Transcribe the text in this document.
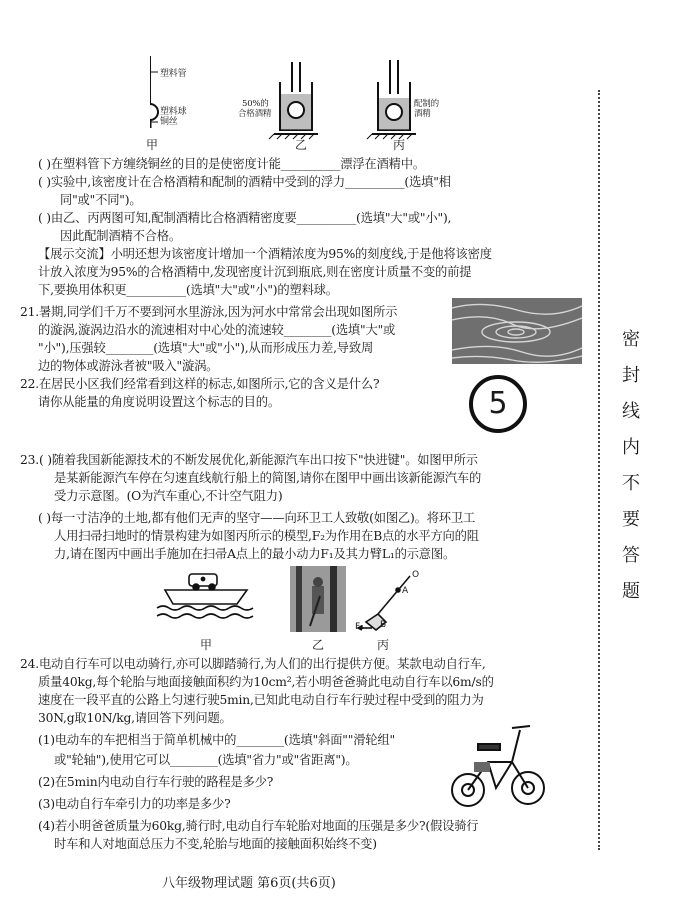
塑料管
塑料球
铜丝
50%的
合格酒精
配制的
酒精
甲	乙	丙
( )在塑料管下方缠绕铜丝的目的是使密度计能__________漂浮在酒精中。
( )实验中,该密度计在合格酒精和配制的酒精中受到的浮力__________(选填"相
同"或"不同")。
( )由乙、丙两图可知,配制酒精比合格酒精密度要__________(选填"大"或"小"),
因此配制酒精不合格。
【展示交流】小明还想为该密度计增加一个酒精浓度为95%的刻度线,于是他将该密度
计放入浓度为95%的合格酒精中,发现密度计沉到瓶底,则在密度计质量不变的前提
下,要换用体积更__________(选填"大"或"小")的塑料球。
21.暑期,同学们千万不要到河水里游泳,因为河水中常常会出现如图所示
的漩涡,漩涡边沿水的流速相对中心处的流速较________(选填"大"或
"小"),压强较________(选填"大"或"小"),从而形成压力差,导致周
边的物体或游泳者被"吸入"漩涡。
22.在居民小区我们经常看到这样的标志,如图所示,它的含义是什么?
请你从能量的角度说明设置这个标志的目的。	5
23.( )随着我国新能源技术的不断发展优化,新能源汽车出口按下"快进键"。如图甲所示
是某新能源汽车停在匀速直线航行船上的简图,请你在图甲中画出该新能源汽车的
受力示意图。(O为汽车重心,不计空气阻力)
( )每一寸洁净的土地,都有他们无声的坚守——向环卫工人致敬(如图乙)。将环卫工
人用扫帚扫地时的情景构建为如图丙所示的模型,F₂为作用在B点的水平方向的阻
力,请在图丙中画出手施加在扫帚A点上的最小动力F₁及其力臂L₁的示意图。
O
A
F₂ B
甲	乙	丙
24.电动自行车可以电动骑行,亦可以脚踏骑行,为人们的出行提供方便。某款电动自行车,
质量40kg,每个轮胎与地面接触面积约为10cm²,若小明爸爸骑此电动自行车以6m/s的
速度在一段平直的公路上匀速行驶5min,已知此电动自行车行驶过程中受到的阻力为
30N,g取10N/kg,请回答下列问题。
(1)电动车的车把相当于简单机械中的________(选填"斜面""滑轮组"
或"轮轴"),使用它可以________(选填"省力"或"省距离")。
(2)在5min内电动自行车行驶的路程是多少?
(3)电动自行车牵引力的功率是多少?
(4)若小明爸爸质量为60kg,骑行时,电动自行车轮胎对地面的压强是多少?(假设骑行
时车和人对地面总压力不变,轮胎与地面的接触面积始终不变)
密
封
线
内
不
要
答
题
八年级物理试题 第6页(共6页)
